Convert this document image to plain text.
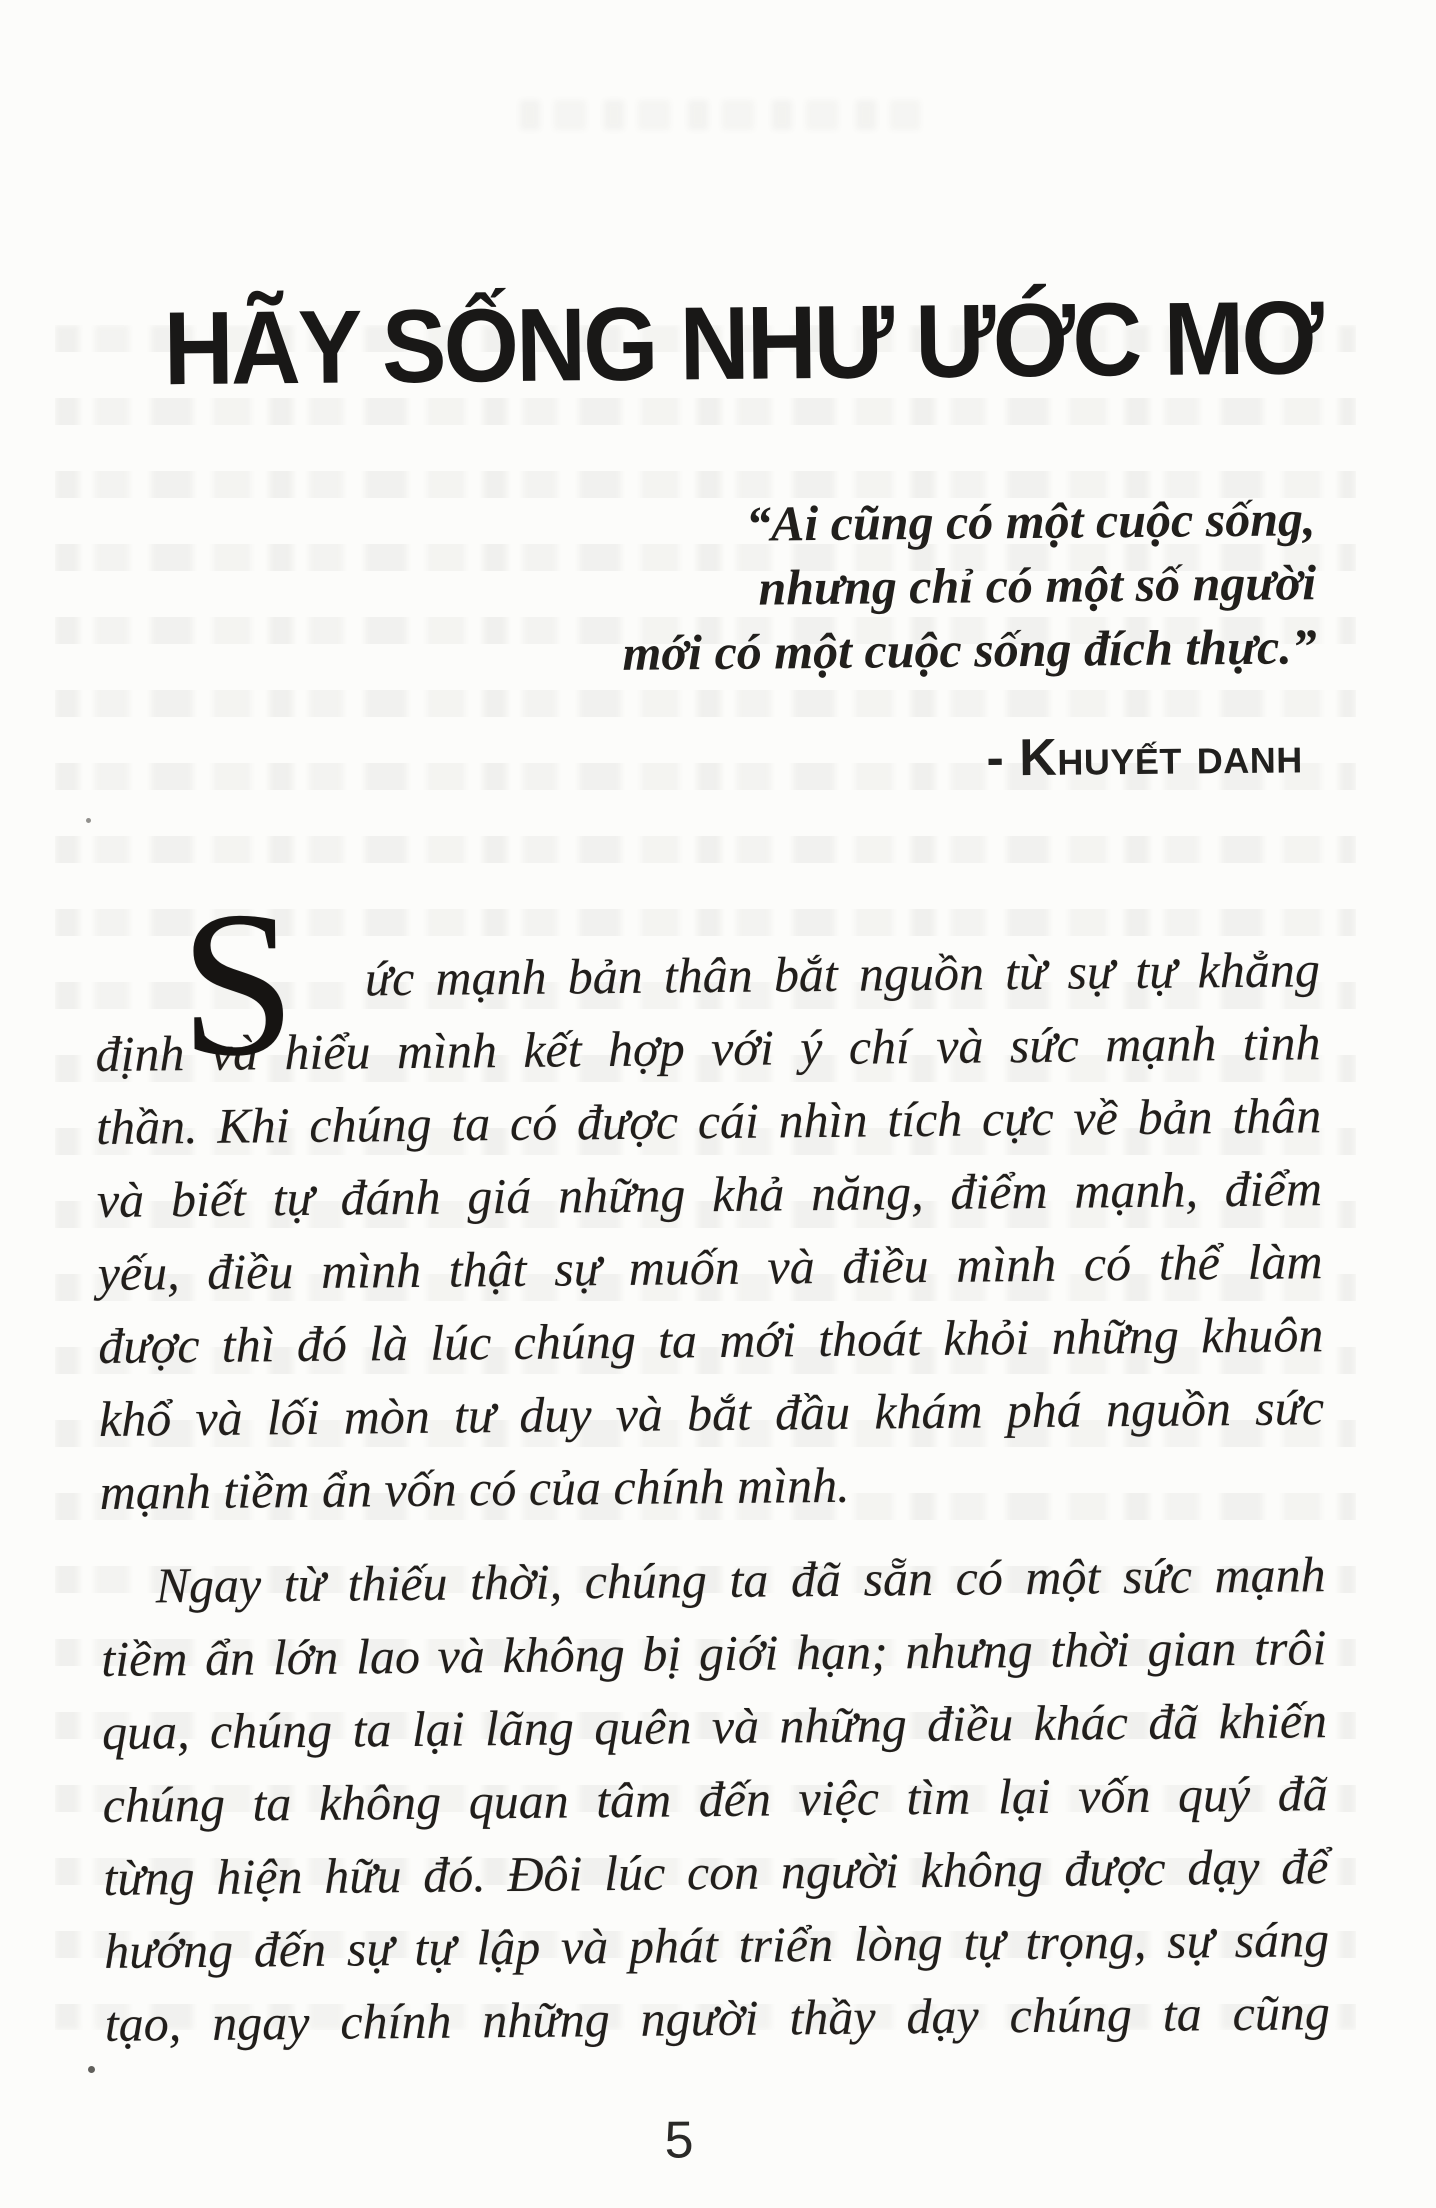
HÃY SỐNG NHƯ ƯỚC MƠ
“Ai cũng có một cuộc sống,
nhưng chỉ có một số người
mới có một cuộc sống đích thực.”
- Khuyết danh
S	ức mạnh bản thân bắt nguồn từ sự tự khẳng
định và hiểu mình kết hợp với ý chí và sức mạnh tinh
thần. Khi chúng ta có được cái nhìn tích cực về bản thân
và biết tự đánh giá những khả năng, điểm mạnh, điểm
yếu, điều mình thật sự muốn và điều mình có thể làm
được thì đó là lúc chúng ta mới thoát khỏi những khuôn
khổ và lối mòn tư duy và bắt đầu khám phá nguồn sức
mạnh tiềm ẩn vốn có của chính mình.
Ngay từ thiếu thời, chúng ta đã sẵn có một sức mạnh
tiềm ẩn lớn lao và không bị giới hạn; nhưng thời gian trôi
qua, chúng ta lại lãng quên và những điều khác đã khiến
chúng ta không quan tâm đến việc tìm lại vốn quý đã
từng hiện hữu đó. Đôi lúc con người không được dạy để
hướng đến sự tự lập và phát triển lòng tự trọng, sự sáng
tạo, ngay chính những người thầy dạy chúng ta cũng
5
